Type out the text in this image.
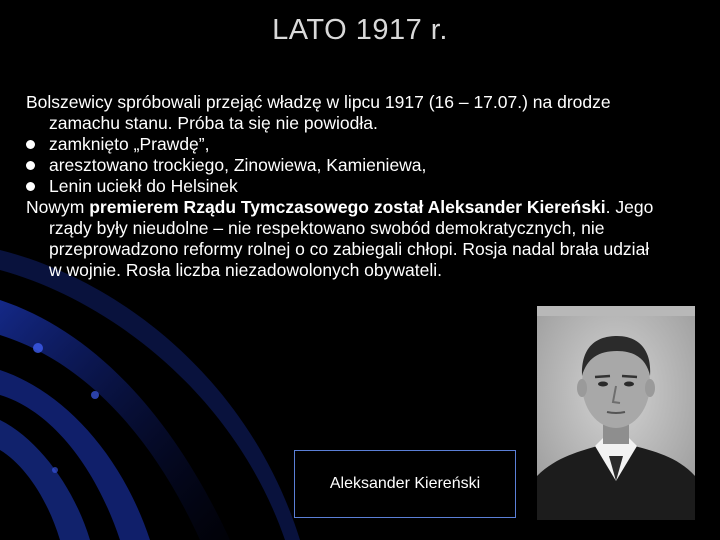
LATO 1917 r.

Bolszewicy spróbowali przejąć władzę w lipcu 1917 (16 – 17.07.) na drodze zamachu stanu. Próba ta się nie powiodła.

zamknięto „Prawdę”,

aresztowano trockiego, Zinowiewa, Kamieniewa,

Lenin uciekł do Helsinek

Nowym premierem Rządu Tymczasowego został Aleksander Kiereński. Jego rządy były nieudolne – nie respektowano swobód demokratycznych, nie przeprowadzono reformy rolnej o co zabiegali chłopi. Rosja nadal brała udział w wojnie. Rosła liczba niezadowolonych obywateli.

Aleksander Kiereński
